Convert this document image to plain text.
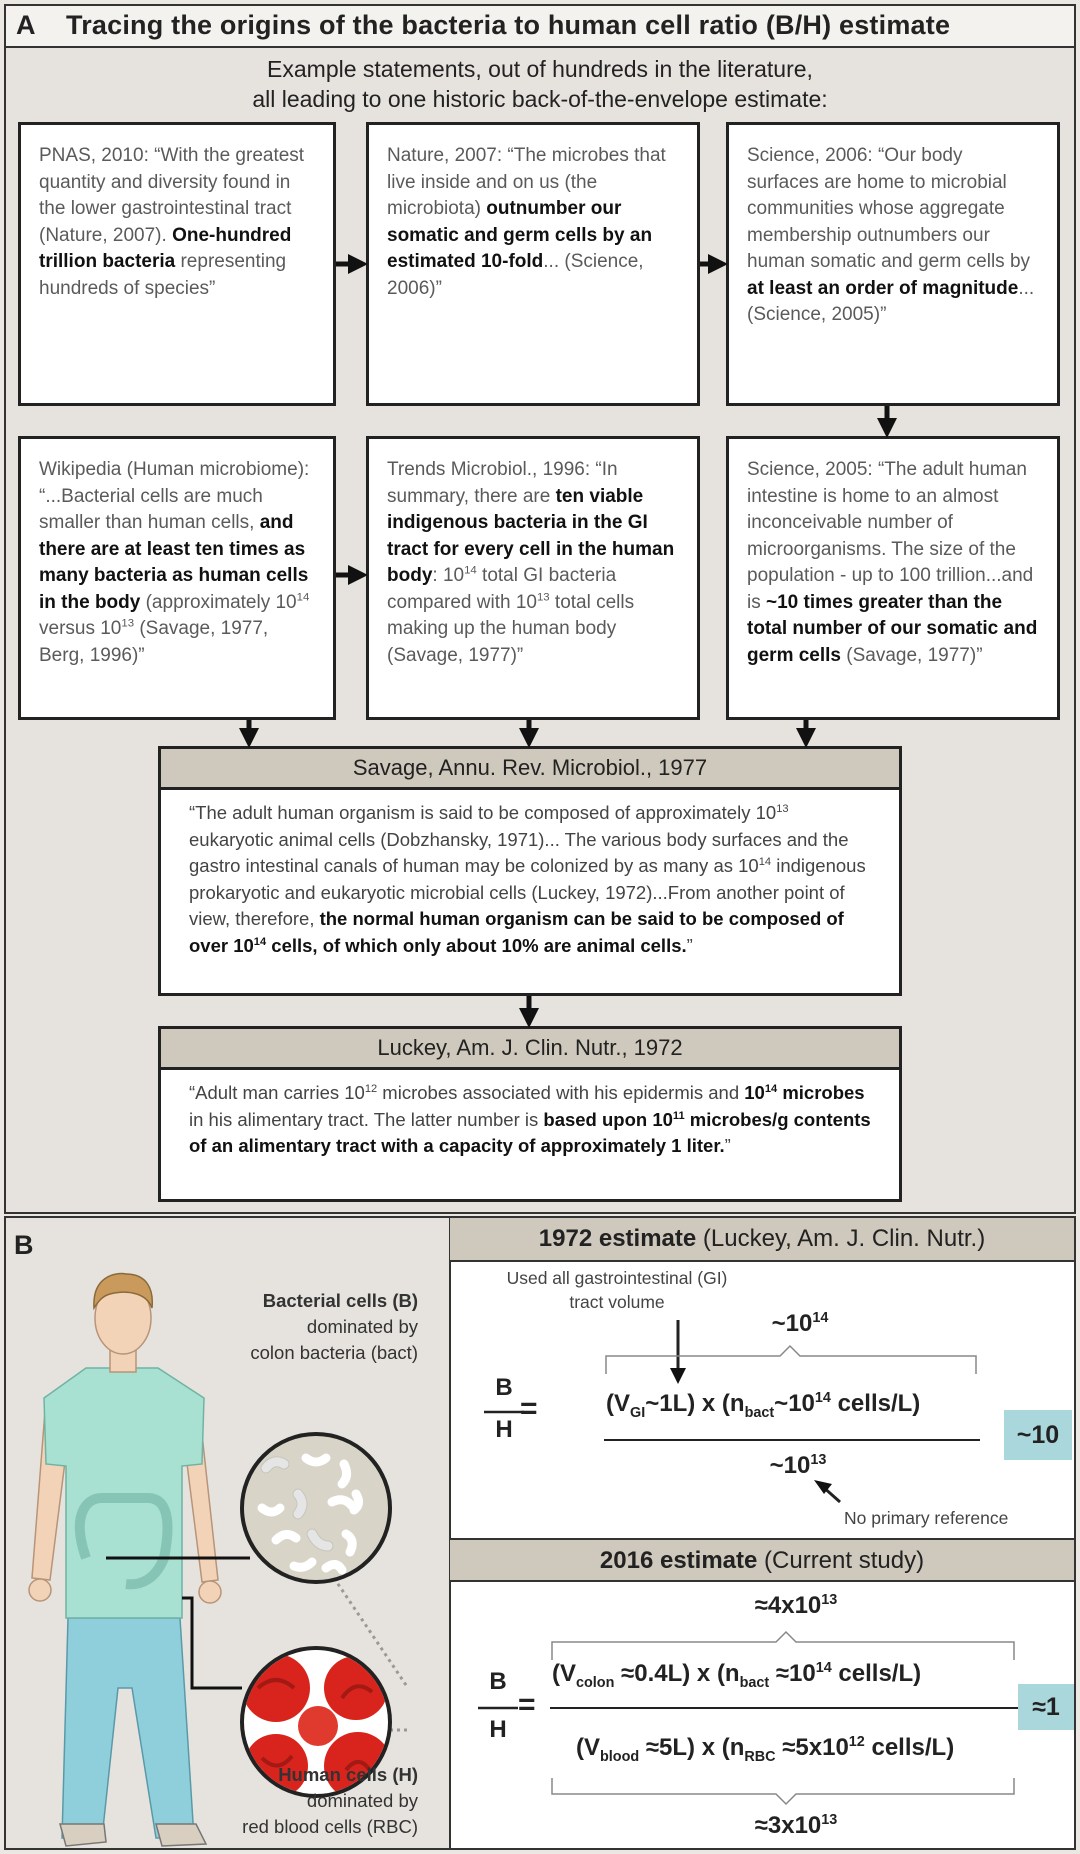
A Tracing the origins of the bacteria to human cell ratio (B/H) estimate
Example statements, out of hundreds in the literature,
all leading to one historic back-of-the-envelope estimate:
PNAS, 2010: “With the greatest quantity and diversity found in the lower gastrointestinal tract (Nature, 2007). One-hundred trillion bacteria representing hundreds of species”
Nature, 2007: “The microbes that live inside and on us (the microbiota) outnumber our somatic and germ cells by an estimated 10-fold... (Science, 2006)”
Science, 2006: “Our body surfaces are home to microbial communities whose aggregate membership outnumbers our human somatic and germ cells by at least an order of magnitude... (Science, 2005)”
Wikipedia (Human microbiome): “...Bacterial cells are much smaller than human cells, and there are at least ten times as many bacteria as human cells in the body (approximately $10^{14}$ versus $10^{13}$ (Savage, 1977, Berg, 1996)”
Trends Microbiol., 1996: “In summary, there are ten viable indigenous bacteria in the GI tract for every cell in the human body: $10^{14}$ total GI bacteria compared with $10^{13}$ total cells making up the human body (Savage, 1977)”
Science, 2005: “The adult human intestine is home to an almost inconceivable number of microorganisms. The size of the population - up to 100 trillion...and is ~10 times greater than the total number of our somatic and germ cells (Savage, 1977)”
Savage, Annu. Rev. Microbiol., 1977
“The adult human organism is said to be composed of approximately $10^{13}$ eukaryotic animal cells (Dobzhansky, 1971)... The various body surfaces and the gastro intestinal canals of human may be colonized by as many as $10^{14}$ indigenous prokaryotic and eukaryotic microbial cells (Luckey, 1972)...From another point of view, therefore, the normal human organism can be said to be composed of over $10^{14}$ cells, of which only about 10% are animal cells.”
Luckey, Am. J. Clin. Nutr., 1972
“Adult man carries $10^{12}$ microbes associated with his epidermis and $10^{14}$ microbes in his alimentary tract. The latter number is based upon $10^{11}$ microbes/g contents of an alimentary tract with a capacity of approximately 1 liter.”
B
Bacterial cells (B)
dominated by
colon bacteria (bact)
Human cells (H)
dominated by
red blood cells (RBC)
1972 estimate (Luckey, Am. J. Clin. Nutr.)
Used all gastrointestinal (GI)
tract volume
$\sim 10^{14}$
B
H
=	$(V_{GI}\sim 1L)$ x ($n_{bact}\sim 10^{14}$ cells/L)
$\sim 10^{13}$
No primary reference
~10
2016 estimate (Current study)
$\approx 4x10^{13}$
B
H
=
$(V_{colon} \approx 0.4L)$ x ($n_{bact} \approx 10^{14}$ cells/L)
$(V_{blood} \approx 5L)$ x ($n_{RBC} \approx 5x10^{12}$ cells/L)
$\approx 3x10^{13}$
≈1
